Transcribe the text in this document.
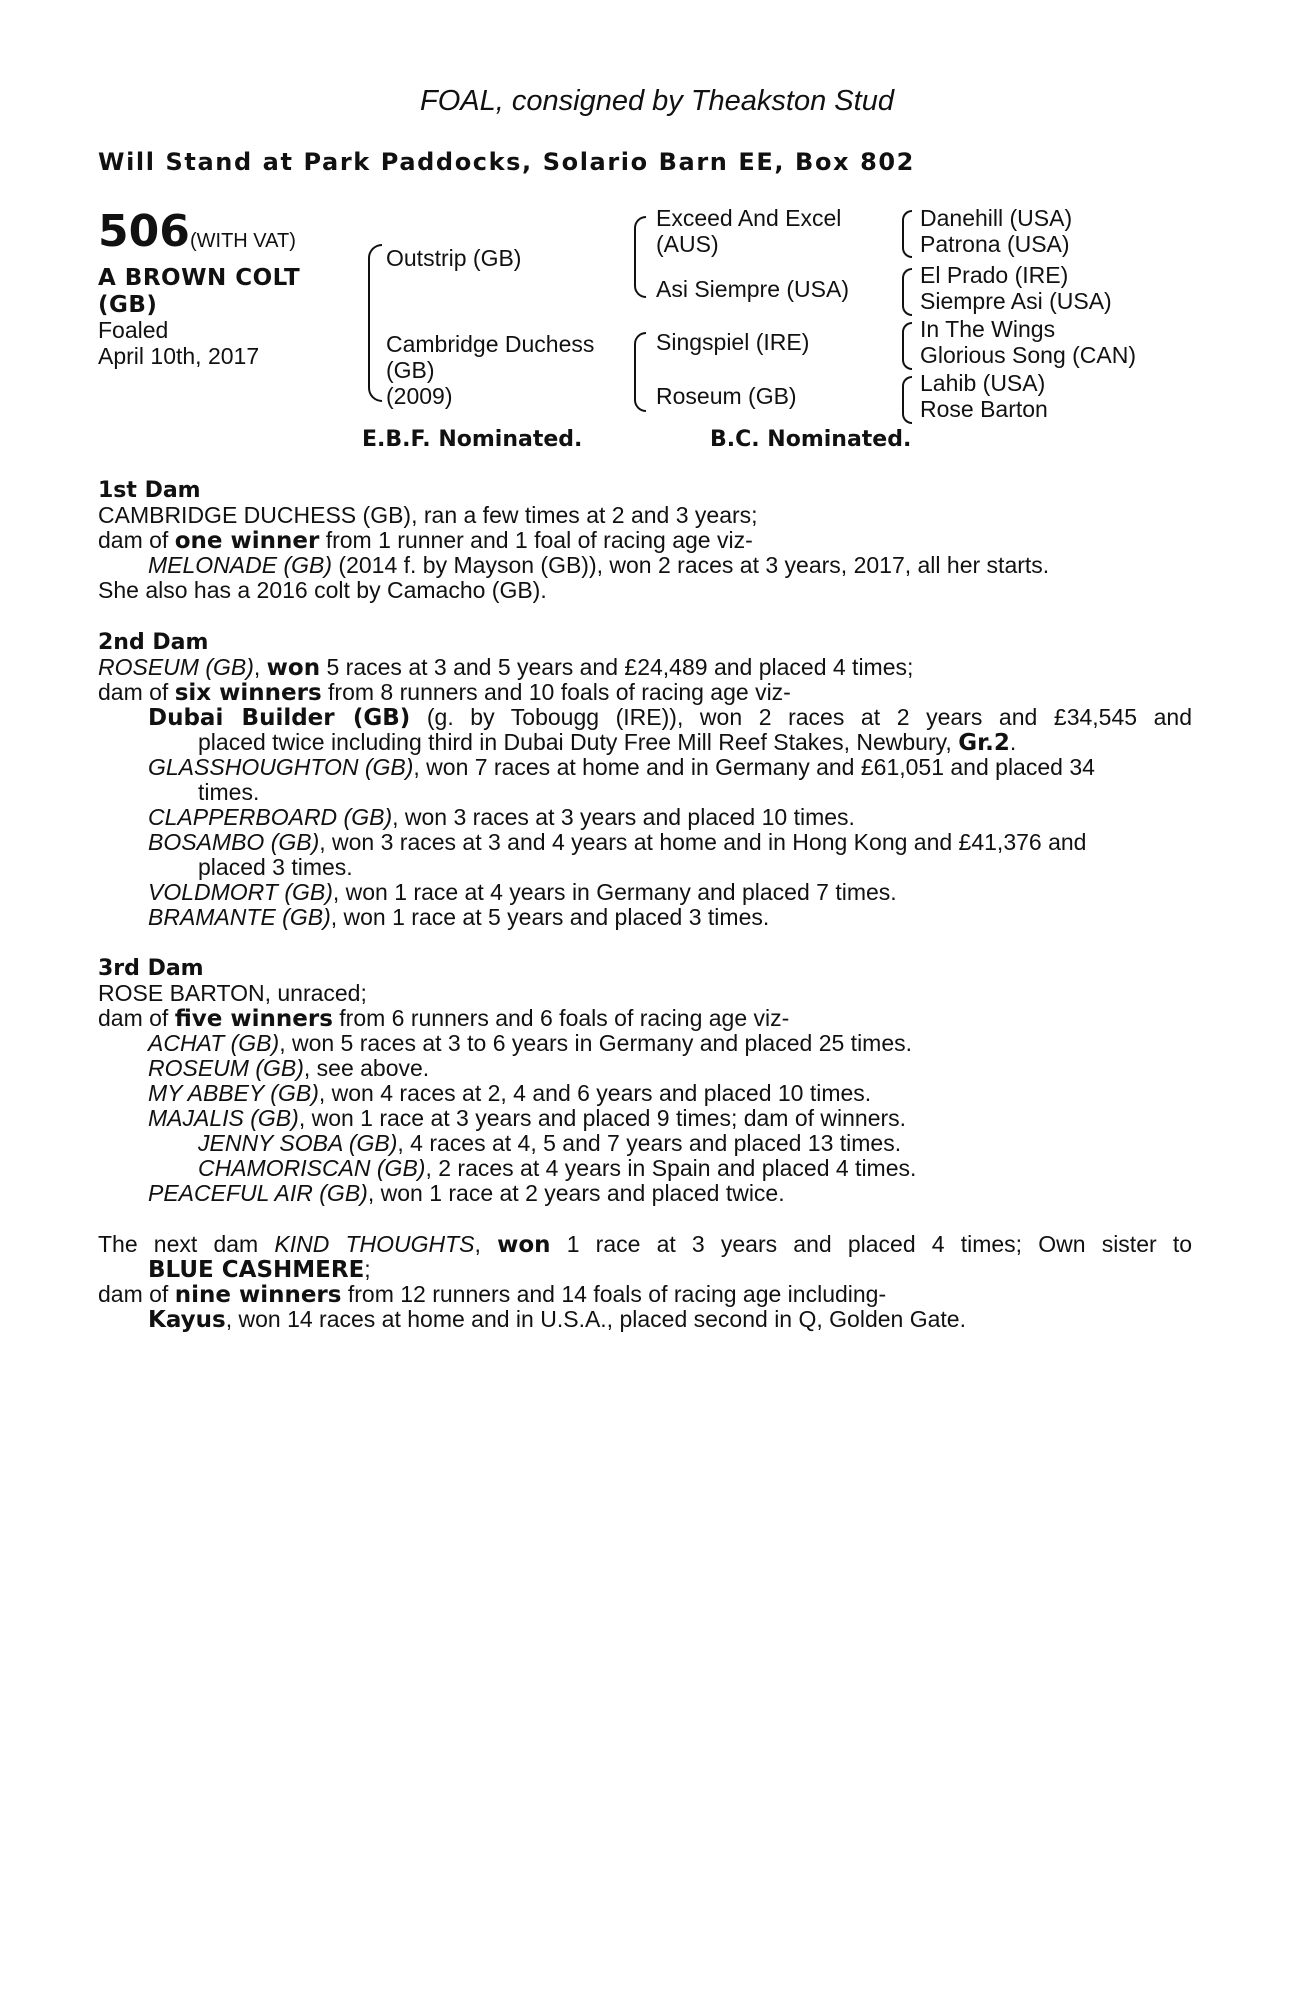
FOAL, consigned by Theakston Stud
Will Stand at Park Paddocks, Solario Barn EE, Box 802
506 (WITH VAT)
A BROWN COLT
(GB)
Foaled
April 10th, 2017
Outstrip (GB)
Cambridge Duchess
(GB)
(2009)
Exceed And Excel
(AUS)
Asi Siempre (USA)
Singspiel (IRE)
Roseum (GB)
Danehill (USA)
Patrona (USA)
El Prado (IRE)
Siempre Asi (USA)
In The Wings
Glorious Song (CAN)
Lahib (USA)
Rose Barton
E.B.F. Nominated.	B.C. Nominated.
1st Dam
CAMBRIDGE DUCHESS (GB), ran a few times at 2 and 3 years;
dam of one winner from 1 runner and 1 foal of racing age viz-
MELONADE (GB) (2014 f. by Mayson (GB)), won 2 races at 3 years, 2017, all her starts.
She also has a 2016 colt by Camacho (GB).
2nd Dam
ROSEUM (GB), won 5 races at 3 and 5 years and £24,489 and placed 4 times;
dam of six winners from 8 runners and 10 foals of racing age viz-
Dubai Builder (GB) (g. by Tobougg (IRE)), won 2 races at 2 years and £34,545 and
placed twice including third in Dubai Duty Free Mill Reef Stakes, Newbury, Gr.2.
GLASSHOUGHTON (GB), won 7 races at home and in Germany and £61,051 and placed 34
times.
CLAPPERBOARD (GB), won 3 races at 3 years and placed 10 times.
BOSAMBO (GB), won 3 races at 3 and 4 years at home and in Hong Kong and £41,376 and
placed 3 times.
VOLDMORT (GB), won 1 race at 4 years in Germany and placed 7 times.
BRAMANTE (GB), won 1 race at 5 years and placed 3 times.
3rd Dam
ROSE BARTON, unraced;
dam of five winners from 6 runners and 6 foals of racing age viz-
ACHAT (GB), won 5 races at 3 to 6 years in Germany and placed 25 times.
ROSEUM (GB), see above.
MY ABBEY (GB), won 4 races at 2, 4 and 6 years and placed 10 times.
MAJALIS (GB), won 1 race at 3 years and placed 9 times; dam of winners.
JENNY SOBA (GB), 4 races at 4, 5 and 7 years and placed 13 times.
CHAMORISCAN (GB), 2 races at 4 years in Spain and placed 4 times.
PEACEFUL AIR (GB), won 1 race at 2 years and placed twice.
The next dam KIND THOUGHTS, won 1 race at 3 years and placed 4 times; Own sister to
BLUE CASHMERE;
dam of nine winners from 12 runners and 14 foals of racing age including-
Kayus, won 14 races at home and in U.S.A., placed second in Q, Golden Gate.
